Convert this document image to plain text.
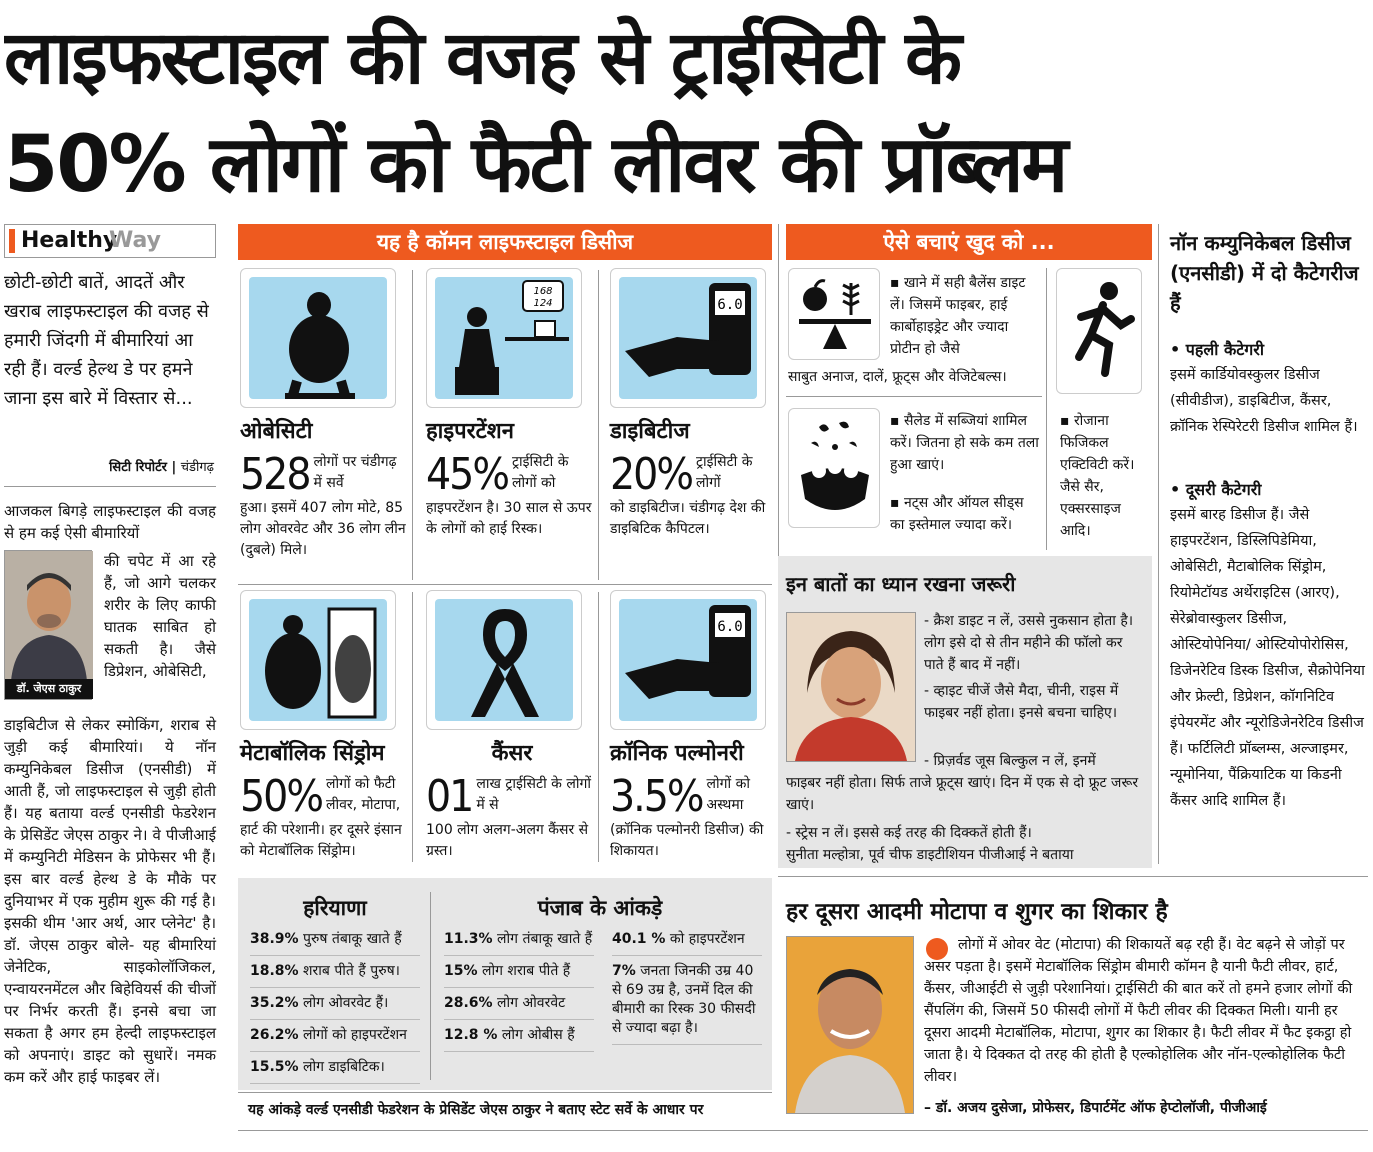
लाइफस्टाइल की वजह से ट्राईसिटी के
50% लोगों को फैटी लीवर की प्रॉब्लम
Healthy
Way
छोटी-छोटी बातें, आदतें और खराब लाइफस्टाइल की वजह से हमारी जिंदगी में बीमारियां आ रही हैं। वर्ल्ड हेल्थ डे पर हमने जाना इस बारे में विस्तार से...
सिटी रिपोर्टर | चंडीगढ़
आजकल बिगड़े लाइफस्टाइल की वजह से हम कई ऐसी बीमारियों
डॉ. जेएस ठाकुर
की चपेट में आ रहे हैं, जो आगे चलकर शरीर के लिए काफी घातक साबित हो सकती है। जैसे डिप्रेशन, ओबेसिटी,
डाइबिटीज से लेकर स्मोकिंग, शराब से जुड़ी कई बीमारियां। ये नॉन कम्युनिकेबल डिसीज (एनसीडी) में आती हैं, जो लाइफस्टाइल से जुड़ी होती हैं। यह बताया वर्ल्ड एनसीडी फेडरेशन के प्रेसिडेंट जेएस ठाकुर ने। वे पीजीआई में कम्युनिटी मेडिसन के प्रोफेसर भी हैं। इस बार वर्ल्ड हेल्थ डे के मौके पर दुनियाभर में एक मुहीम शुरू की गई है। इसकी थीम 'आर अर्थ, आर प्लेनेट' है। डॉ. जेएस ठाकुर बोले- यह बीमारियां जेनेटिक, साइकोलॉजिकल, एन्वायरनमेंटल और बिहेवियर्स की चीजों पर निर्भर करती हैं। इनसे बचा जा सकता है अगर हम हेल्दी लाइफस्टाइल को अपनाएं। डाइट को सुधारें। नमक कम करें और हाई फाइबर लें।
यह है कॉमन लाइफस्टाइल डिसीज
ओबेसिटी
528 लोगों पर चंडीगढ़ में सर्वे
हुआ। इसमें 407 लोग मोटे, 85 लोग ओवरवेट और 36 लोग लीन (दुबले) मिले।
168
124
हाइपरटेंशन
45% ट्राईसिटी के लोगों को
हाइपरटेंशन है। 30 साल से ऊपर के लोगों को हाई रिस्क।
6.0
डाइबिटीज
20% ट्राईसिटी के लोगों
को डाइबिटीज। चंडीगढ़ देश की डाइबिटिक कैपिटल।
मेटाबॉलिक सिंड्रोम
50% लोगों को फैटी लीवर, मोटापा,
हार्ट की परेशानी। हर दूसरे इंसान को मेटाबॉलिक सिंड्रोम।
कैंसर
01 लाख ट्राईसिटी के लोगों में से
100 लोग अलग-अलग कैंसर से ग्रस्त।
6.0
क्रॉनिक पल्मोनरी
3.5% लोगों को अस्थमा
(क्रॉनिक पल्मोनरी डिसीज) की शिकायत।
हरियाणा	पंजाब के आंकड़े
38.9% पुरुष तंबाकू खाते हैं
18.8% शराब पीते हैं पुरुष।
35.2% लोग ओवरवेट हैं।
26.2% लोगों को हाइपरटेंशन
15.5% लोग डाइबिटिक।
11.3% लोग तंबाकू खाते हैं
15% लोग शराब पीते हैं
28.6% लोग ओवरवेट
12.8 % लोग ओबीस हैं
40.1 % को हाइपरटेंशन
7% जनता जिनकी उम्र 40 से 69 उम्र है, उनमें दिल की बीमारी का रिस्क 30 फीसदी से ज्यादा बढ़ा है।
यह आंकड़े वर्ल्ड एनसीडी फेडरेशन के प्रेसिडेंट जेएस ठाकुर ने बताए स्टेट सर्वे के आधार पर
ऐसे बचाएं खुद को ...
▪ खाने में सही बैलेंस डाइट लें। जिसमें फाइबर, हाई कार्बोहाइड्रेट और ज्यादा प्रोटीन हो जैसे
साबुत अनाज, दालें, फ्रूट्स और वेजिटेबल्स।
▪ सैलेड में सब्जियां शामिल करें। जितना हो सके कम तला हुआ खाएं।
▪ नट्स और ऑयल सीड्स का इस्तेमाल ज्यादा करें।
▪ रोजाना फिजिकल एक्टिविटी करें। जैसे सैर, एक्सरसाइज आदि।
इन बातों का ध्यान रखना जरूरी
- क्रैश डाइट न लें, उससे नुकसान होता है। लोग इसे दो से तीन महीने की फॉलो कर पाते हैं बाद में नहीं।
- व्हाइट चीजें जैसे मैदा, चीनी, राइस में फाइबर नहीं होता। इनसे बचना चाहिए।
- प्रिज़र्वड जूस बिल्कुल न लें, इनमें
फाइबर नहीं होता। सिर्फ ताजे फ्रूट्स खाएं। दिन में एक से दो फ्रूट जरूर खाएं।
- स्ट्रेस न लें। इससे कई तरह की दिक्कतें होती हैं।
सुनीता मल्होत्रा, पूर्व चीफ डाइटीशियन पीजीआई ने बताया
नॉन कम्युनिकेबल डिसीज (एनसीडी) में दो कैटेगरीज हैं
• पहली कैटेगरी
इसमें कार्डियोवस्कुलर डिसीज (सीवीडीज), डाइबिटीज, कैंसर, क्रॉनिक रेस्पिरेटरी डिसीज शामिल हैं।
• दूसरी कैटेगरी
इसमें बारह डिसीज हैं। जैसे हाइपरटेंशन, डिस्लिपिडेमिया, ओबेसिटी, मैटाबोलिक सिंड्रोम, रियोमेटॉयड अर्थेराइटिस (आरए), सेरेब्रोवास्कुलर डिसीज, ओस्टियोपेनिया/ ओस्टियोपोरोसिस, डिजेनरेटिव डिस्क डिसीज, सैक्रोपेनिया और फ्रेल्टी, डिप्रेशन, कॉगनिटिव इंपेयरमेंट और न्यूरोडिजेनरेटिव डिसीज हैं। फर्टिलिटी प्रॉब्लम्स, अल्जाइमर, न्यूमोनिया, पैंक्रियाटिक या किडनी कैंसर आदि शामिल हैं।
हर दूसरा आदमी मोटापा व शुगर का शिकार है
लोगों में ओवर वेट (मोटापा) की शिकायतें बढ़ रही हैं। वेट बढ़ने से जोड़ों पर असर पड़ता है। इसमें मेटाबॉलिक सिंड्रोम बीमारी कॉमन है यानी फैटी लीवर, हार्ट, कैंसर, जीआईटी से जुड़ी परेशानियां। ट्राईसिटी की बात करें तो हमने हजार लोगों की सैंपलिंग की, जिसमें 50 फीसदी लोगों में फैटी लीवर की दिक्कत मिली। यानी हर दूसरा आदमी मेटाबॉलिक, मोटापा, शुगर का शिकार है। फैटी लीवर में फैट इकट्ठा हो जाता है। ये दिक्कत दो तरह की होती है एल्कोहोलिक और नॉन-एल्कोहोलिक फैटी लीवर।
– डॉ. अजय दुसेजा, प्रोफेसर, डिपार्टमेंट ऑफ हेप्टोलॉजी, पीजीआई
